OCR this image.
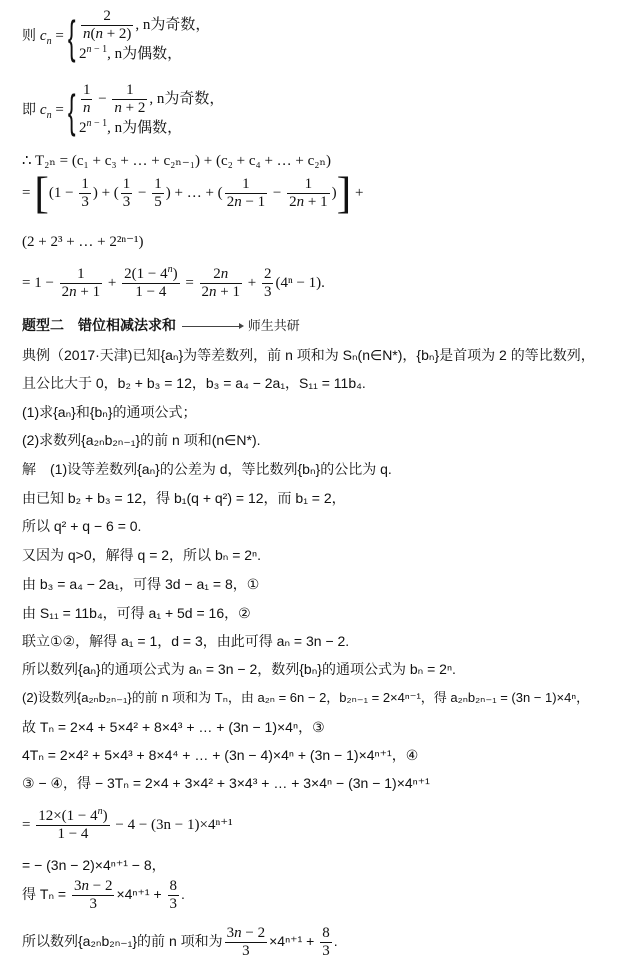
则 $c_n$ = { $\frac{2}{n(n + 2)}$ , n为奇数，
$2^{n - 1}$, n为偶数，
即 $c_n$ = { $\frac{1}{n} - \frac{1}{n + 2}$ , n为奇数，
$2^{n - 1}$, n为偶数，
∴ T₂ₙ = (c₁ + c₃ + … + c₂ₙ₋₁) + (c₂ + c₄ + … + c₂ₙ)
= [($1 - \frac{1}{3}$ ) + ( $\frac{1}{3} - \frac{1}{5}$ ) + … + ( $\frac{1}{2n - 1} - \frac{1}{2n + 1}$ )] +
(2 + 2³ + … + 2²ⁿ⁻¹)
= $1 - \frac{1}{2n + 1} + \frac{2(1 - 4^n)}{1 - 4} = \frac{2n}{2n + 1} + \frac{2}{3} (4^n - 1)$.
题型二　错位相减法求和	师生共研
典例（2017·天津)已知{aₙ}为等差数列，前 n 项和为 Sₙ(n∈N*)，{bₙ}是首项为 2 的等比数列，
且公比大于 0，b₂ + b₃ = 12，b₃ = a₄ − 2a₁，S₁₁ = 11b₄.
(1)求{aₙ}和{bₙ}的通项公式；
(2)求数列{a₂ₙb₂ₙ₋₁}的前 n 项和(n∈N*).
解　(1)设等差数列{aₙ}的公差为 d，等比数列{bₙ}的公比为 q.
由已知 b₂ + b₃ = 12，得 b₁(q + q²) = 12，而 b₁ = 2，
所以 q² + q − 6 = 0.
又因为 q>0，解得 q = 2，所以 bₙ = 2ⁿ.
由 b₃ = a₄ − 2a₁，可得 3d − a₁ = 8，①
由 S₁₁ = 11b₄，可得 a₁ + 5d = 16，②
联立①②，解得 a₁ = 1，d = 3，由此可得 aₙ = 3n − 2.
所以数列{aₙ}的通项公式为 aₙ = 3n − 2，数列{bₙ}的通项公式为 bₙ = 2ⁿ.
(2)设数列{a₂ₙb₂ₙ₋₁}的前 n 项和为 Tₙ，由 a₂ₙ = 6n − 2，b₂ₙ₋₁ = 2×4ⁿ⁻¹，得 a₂ₙb₂ₙ₋₁ = (3n − 1)×4ⁿ，
故 Tₙ = 2×4 + 5×4² + 8×4³ + … + (3n − 1)×4ⁿ，③
4Tₙ = 2×4² + 5×4³ + 8×4⁴ + … + (3n − 4)×4ⁿ + (3n − 1)×4ⁿ⁺¹，④
③ − ④，得 − 3Tₙ = 2×4 + 3×4² + 3×4³ + … + 3×4ⁿ − (3n − 1)×4ⁿ⁺¹
= $\frac{12\times(1 - 4^n)}{1 - 4} - 4 - (3n - 1)\times 4^{n+1}$
= − (3n − 2)×4ⁿ⁺¹ − 8，
得 $T_n = \frac{3n - 2}{3} \times 4^{n+1} + \frac{8}{3}$ .
所以数列{a₂ₙb₂ₙ₋₁}的前 n 项和为 $\frac{3n - 2}{3} \times 4^{n+1} + \frac{8}{3}$ .
